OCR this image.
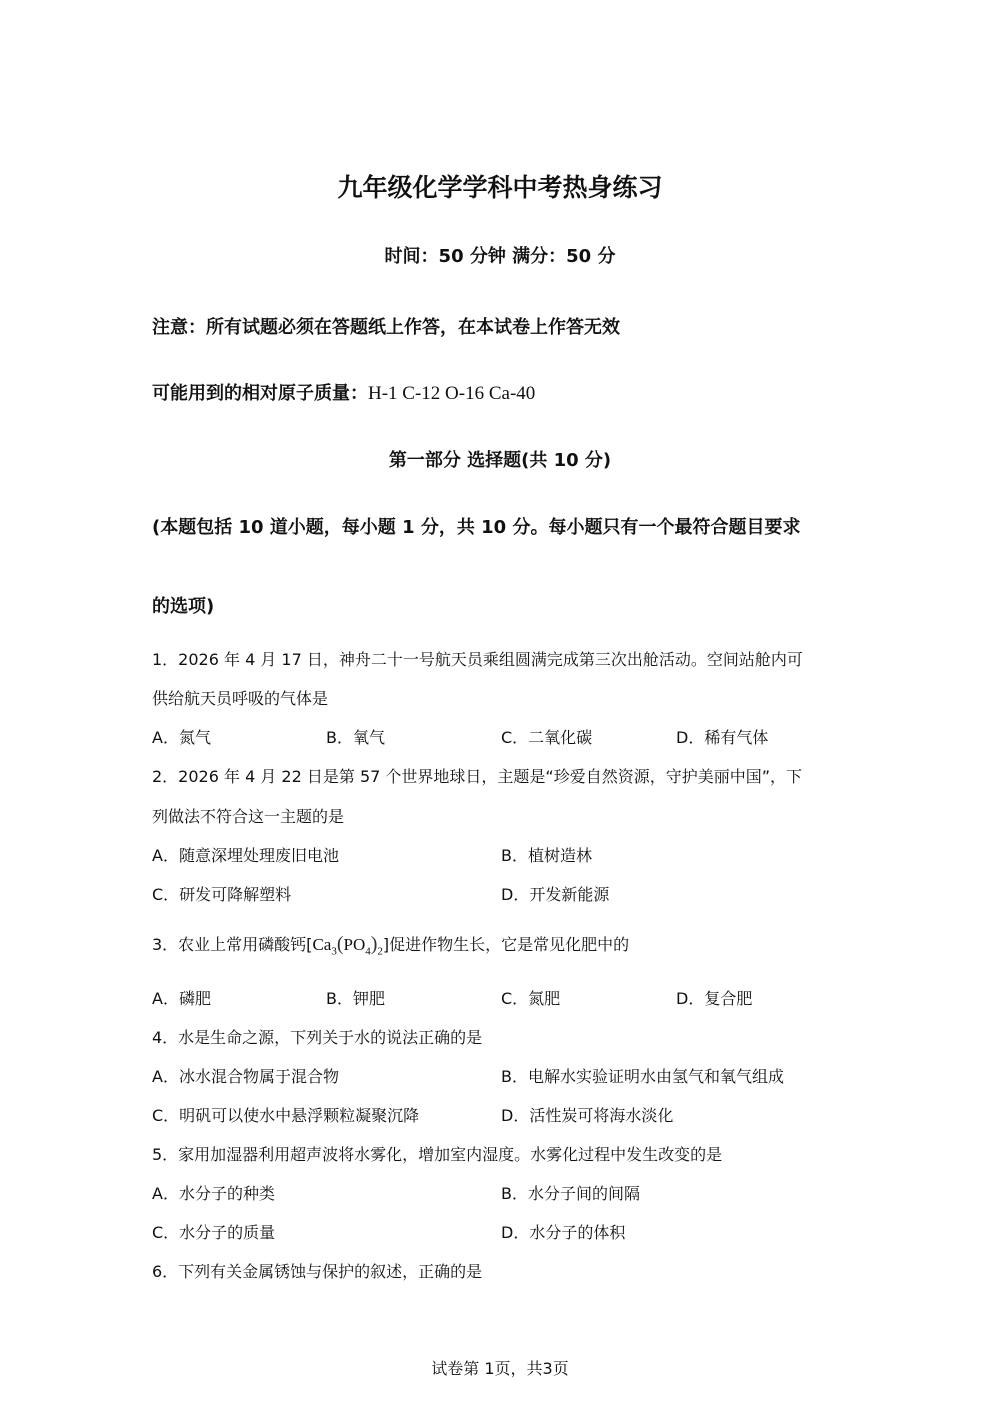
九年级化学学科中考热身练习
时间：50 分钟 满分：50 分
注意：所有试题必须在答题纸上作答，在本试卷上作答无效
可能用到的相对原子质量：H-1 C-12 O-16 Ca-40
第一部分 选择题(共 10 分)
(本题包括 10 道小题，每小题 1 分，共 10 分。每小题只有一个最符合题目要求
的选项)
1．2026 年 4 月 17 日，神舟二十一号航天员乘组圆满完成第三次出舱活动。空间站舱内可
供给航天员呼吸的气体是
A．氮气	B．氧气	C．二氧化碳	D．稀有气体
2．2026 年 4 月 22 日是第 57 个世界地球日，主题是“珍爱自然资源，守护美丽中国”，下
列做法不符合这一主题的是
A．随意深埋处理废旧电池	B．植树造林
C．研发可降解塑料	D．开发新能源
3．农业上常用磷酸钙$[Ca_3(PO_4)_2]$促进作物生长，它是常见化肥中的
A．磷肥	B．钾肥	C．氮肥	D．复合肥
4．水是生命之源，下列关于水的说法正确的是
A．冰水混合物属于混合物	B．电解水实验证明水由氢气和氧气组成
C．明矾可以使水中悬浮颗粒凝聚沉降	D．活性炭可将海水淡化
5．家用加湿器利用超声波将水雾化，增加室内湿度。水雾化过程中发生改变的是
A．水分子的种类	B．水分子间的间隔
C．水分子的质量	D．水分子的体积
6．下列有关金属锈蚀与保护的叙述，正确的是
试卷第 1页，共3页
